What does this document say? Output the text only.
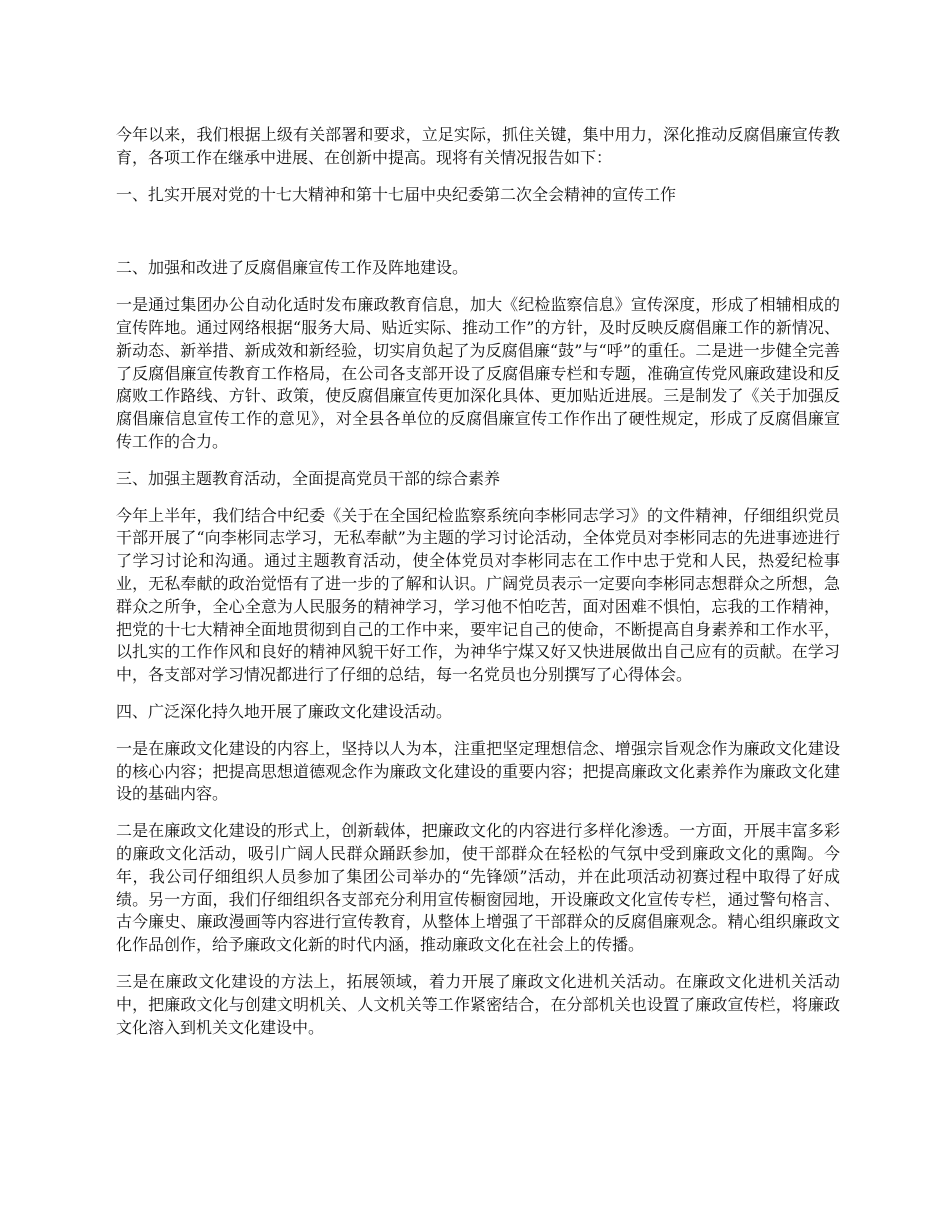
今年以来，我们根据上级有关部署和要求，立足实际，抓住关键，集中用力，深化推动反腐倡廉宣传教育，各项工作在继承中进展、在创新中提高。现将有关情况报告如下：

一、扎实开展对党的十七大精神和第十七届中央纪委第二次全会精神的宣传工作

二、加强和改进了反腐倡廉宣传工作及阵地建设。

一是通过集团办公自动化适时发布廉政教育信息，加大《纪检监察信息》宣传深度，形成了相辅相成的宣传阵地。通过网络根据“服务大局、贴近实际、推动工作”的方针，及时反映反腐倡廉工作的新情况、新动态、新举措、新成效和新经验，切实肩负起了为反腐倡廉“鼓”与“呼”的重任。二是进一步健全完善了反腐倡廉宣传教育工作格局，在公司各支部开设了反腐倡廉专栏和专题，准确宣传党风廉政建设和反腐败工作路线、方针、政策，使反腐倡廉宣传更加深化具体、更加贴近进展。三是制发了《关于加强反腐倡廉信息宣传工作的意见》，对全县各单位的反腐倡廉宣传工作作出了硬性规定，形成了反腐倡廉宣传工作的合力。

三、加强主题教育活动，全面提高党员干部的综合素养

今年上半年，我们结合中纪委《关于在全国纪检监察系统向李彬同志学习》的文件精神，仔细组织党员干部开展了“向李彬同志学习，无私奉献”为主题的学习讨论活动，全体党员对李彬同志的先进事迹进行了学习讨论和沟通。通过主题教育活动，使全体党员对李彬同志在工作中忠于党和人民，热爱纪检事业，无私奉献的政治觉悟有了进一步的了解和认识。广阔党员表示一定要向李彬同志想群众之所想，急群众之所争，全心全意为人民服务的精神学习，学习他不怕吃苦，面对困难不惧怕，忘我的工作精神，把党的十七大精神全面地贯彻到自己的工作中来，要牢记自己的使命，不断提高自身素养和工作水平，以扎实的工作作风和良好的精神风貌干好工作，为神华宁煤又好又快进展做出自己应有的贡献。在学习中，各支部对学习情况都进行了仔细的总结，每一名党员也分别撰写了心得体会。

四、广泛深化持久地开展了廉政文化建设活动。

一是在廉政文化建设的内容上，坚持以人为本，注重把坚定理想信念、增强宗旨观念作为廉政文化建设的核心内容；把提高思想道德观念作为廉政文化建设的重要内容；把提高廉政文化素养作为廉政文化建设的基础内容。

二是在廉政文化建设的形式上，创新载体，把廉政文化的内容进行多样化渗透。一方面，开展丰富多彩的廉政文化活动，吸引广阔人民群众踊跃参加，使干部群众在轻松的气氛中受到廉政文化的熏陶。今年，我公司仔细组织人员参加了集团公司举办的“先锋颂”活动，并在此项活动初赛过程中取得了好成绩。另一方面，我们仔细组织各支部充分利用宣传橱窗园地，开设廉政文化宣传专栏，通过警句格言、古今廉史、廉政漫画等内容进行宣传教育，从整体上增强了干部群众的反腐倡廉观念。精心组织廉政文化作品创作，给予廉政文化新的时代内涵，推动廉政文化在社会上的传播。

三是在廉政文化建设的方法上，拓展领域，着力开展了廉政文化进机关活动。在廉政文化进机关活动中，把廉政文化与创建文明机关、人文机关等工作紧密结合，在分部机关也设置了廉政宣传栏，将廉政文化溶入到机关文化建设中。
